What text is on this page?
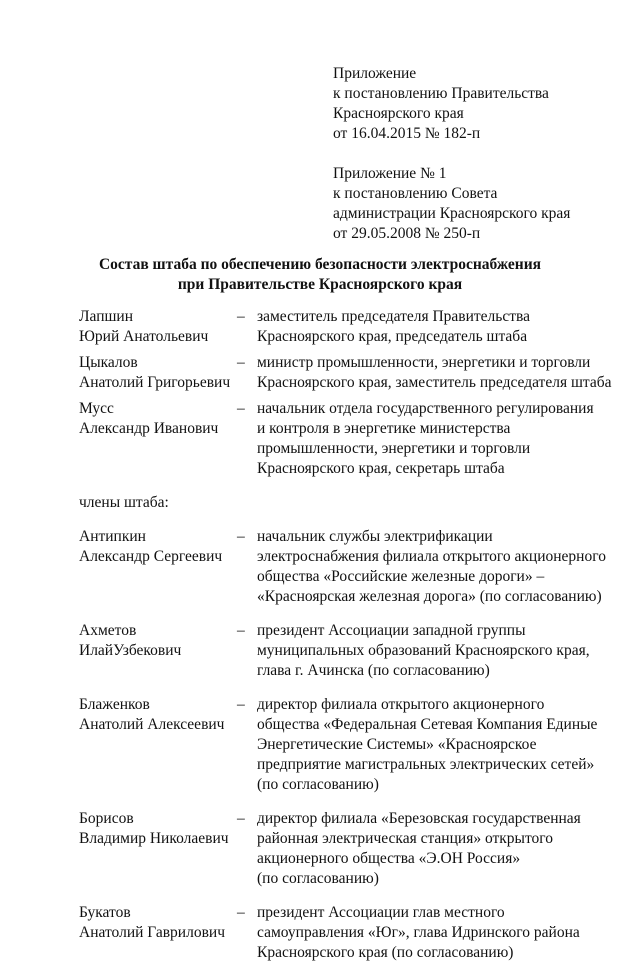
Приложение
к постановлению Правительства
Красноярского края
от 16.04.2015 № 182-п
Приложение № 1
к постановлению Совета
администрации Красноярского края
от 29.05.2008 № 250-п
Состав штаба по обеспечению безопасности электроснабжения
при Правительстве Красноярского края
Лапшин
Юрий Анатольевич
– заместитель председателя Правительства
Красноярского края, председатель штаба
Цыкалов
Анатолий Григорьевич
– министр промышленности, энергетики и торговли
Красноярского края, заместитель председателя штаба
Мусс
Александр Иванович
– начальник отдела государственного регулирования
и контроля в энергетике министерства
промышленности, энергетики и торговли
Красноярского края, секретарь штаба
члены штаба:
Антипкин
Александр Сергеевич
– начальник службы электрификации
электроснабжения филиала открытого акционерного
общества «Российские железные дороги» –
«Красноярская железная дорога» (по согласованию)
Ахметов
ИлайУзбекович
– президент Ассоциации западной группы
муниципальных образований Красноярского края,
глава г. Ачинска (по согласованию)
Блаженков
Анатолий Алексеевич
– директор филиала открытого акционерного
общества «Федеральная Сетевая Компания Единые
Энергетические Системы» «Красноярское
предприятие магистральных электрических сетей»
(по согласованию)
Борисов
Владимир Николаевич
– директор филиала «Березовская государственная
районная электрическая станция» открытого
акционерного общества «Э.ОН Россия»
(по согласованию)
Букатов
Анатолий Гаврилович
– президент Ассоциации глав местного
самоуправления «Юг», глава Идринского района
Красноярского края (по согласованию)
